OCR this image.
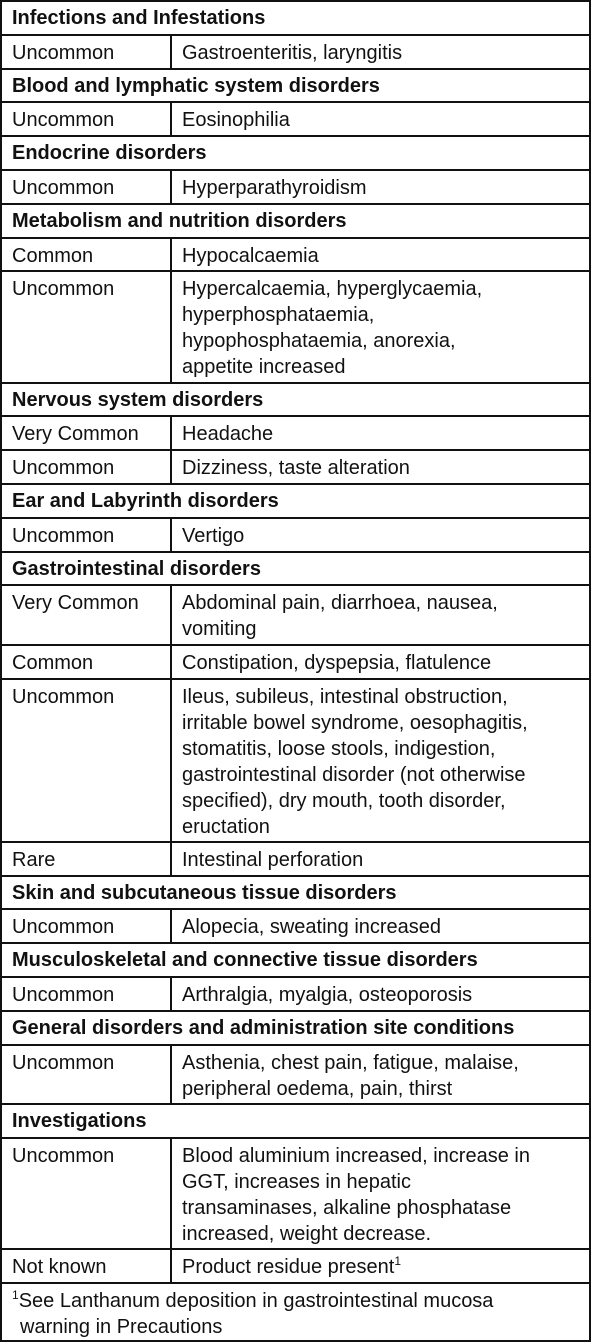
Infections and Infestations
Uncommon	Gastroenteritis, laryngitis
Blood and lymphatic system disorders
Uncommon	Eosinophilia
Endocrine disorders
Uncommon	Hyperparathyroidism
Metabolism and nutrition disorders
Common	Hypocalcaemia
Uncommon	Hypercalcaemia, hyperglycaemia,
hyperphosphataemia,
hypophosphataemia, anorexia,
appetite increased
Nervous system disorders
Very Common	Headache
Uncommon	Dizziness, taste alteration
Ear and Labyrinth disorders
Uncommon	Vertigo
Gastrointestinal disorders
Very Common	Abdominal pain, diarrhoea, nausea,
vomiting
Common	Constipation, dyspepsia, flatulence
Uncommon	Ileus, subileus, intestinal obstruction,
irritable bowel syndrome, oesophagitis,
stomatitis, loose stools, indigestion,
gastrointestinal disorder (not otherwise
specified), dry mouth, tooth disorder,
eructation
Rare	Intestinal perforation
Skin and subcutaneous tissue disorders
Uncommon	Alopecia, sweating increased
Musculoskeletal and connective tissue disorders
Uncommon	Arthralgia, myalgia, osteoporosis
General disorders and administration site conditions
Uncommon	Asthenia, chest pain, fatigue, malaise,
peripheral oedema, pain, thirst
Investigations
Uncommon	Blood aluminium increased, increase in
GGT, increases in hepatic
transaminases, alkaline phosphatase
increased, weight decrease.
Not known	Product residue present$^1$
$^1$See Lanthanum deposition in gastrointestinal mucosa
warning in Precautions
